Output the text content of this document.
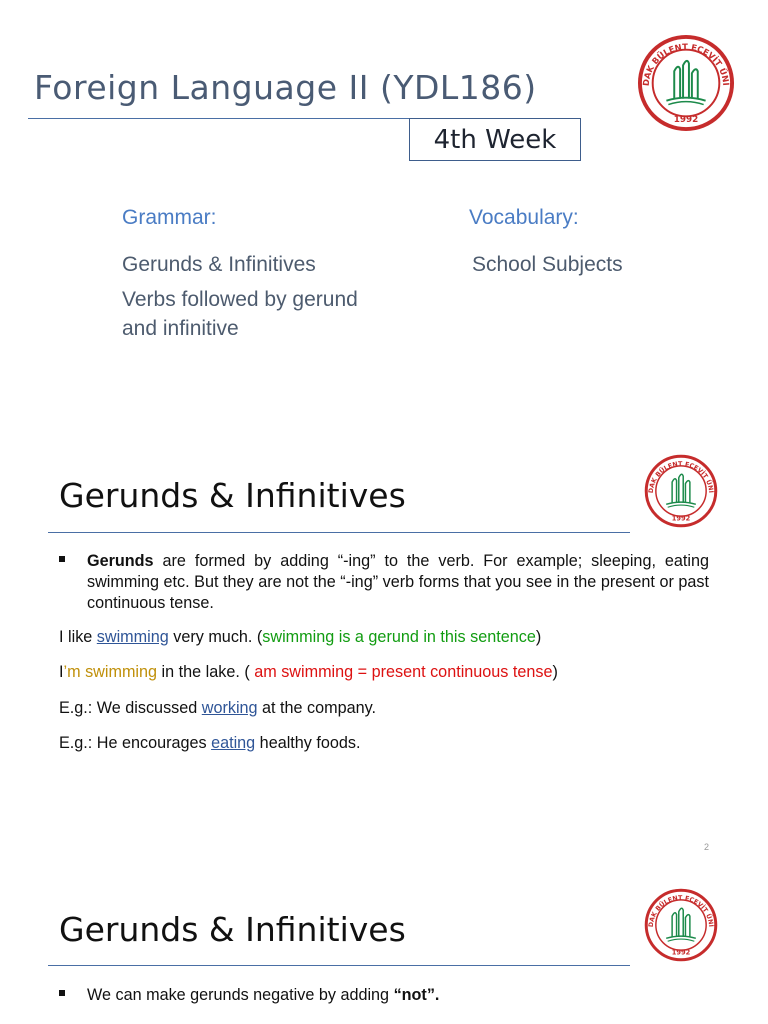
Foreign Language II (YDL186)
4th Week
DAK BÜLENT ECEVİT ÜNİ
1992
Grammar:
Gerunds & Infinitives
Verbs followed by gerund
and infinitive
Vocabulary:
School Subjects
Gerunds & Infinitives	DAK BÜLENT ECEVİT ÜNİ
1992
Gerunds are formed by adding “-ing” to the verb. For example; sleeping, eating swimming etc. But they are not the “-ing” verb forms that you see in the present or past continuous tense.
I like swimming very much. (swimming is a gerund in this sentence)
I’m swimming in the lake. ( am swimming = present continuous tense)
E.g.: We discussed working at the company.
E.g.: He encourages eating healthy foods.
2
Gerunds & Infinitives	DAK BÜLENT ECEVİT ÜNİ
1992
We can make gerunds negative by adding “not”.
